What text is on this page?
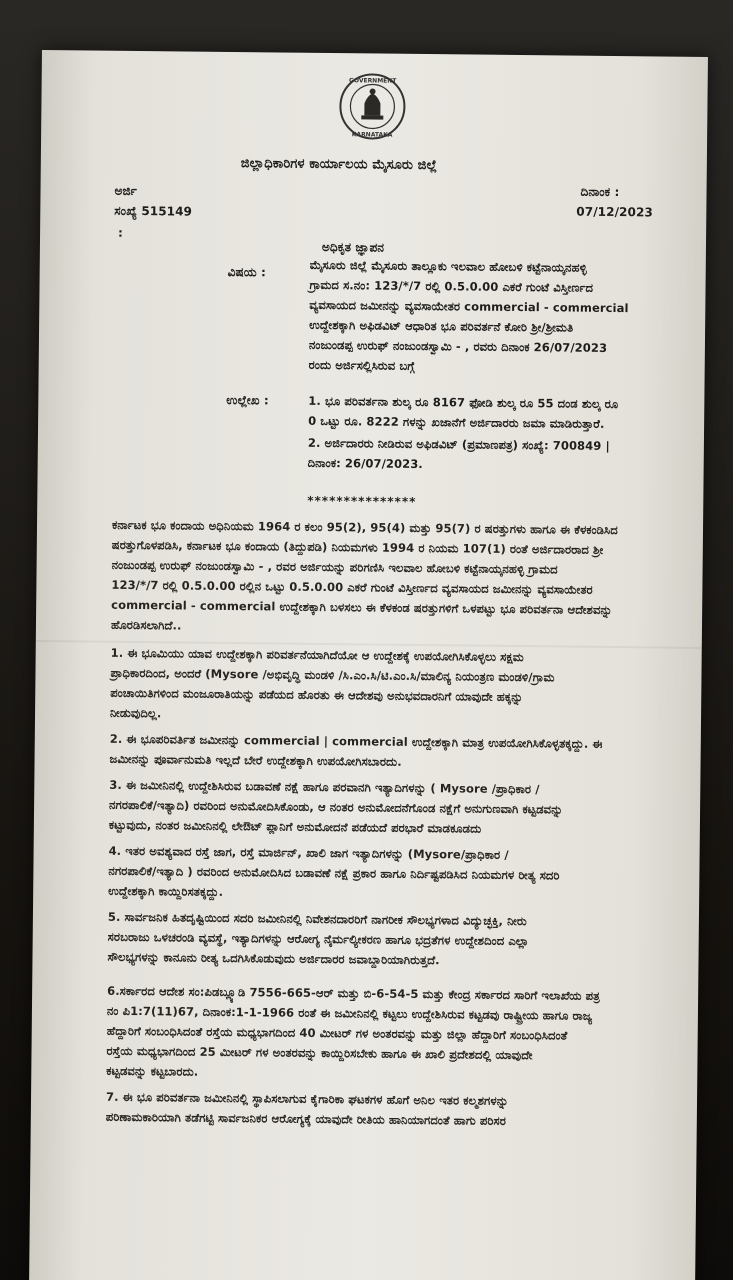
GOVERNMENT
KARNATAKA
ಜಿಲ್ಲಾಧಿಕಾರಿಗಳ ಕಾರ್ಯಾಲಯ ಮೈಸೂರು ಜಿಲ್ಲೆ
ಅರ್ಜಿ
ಸಂಖ್ಯೆ 515149
:
ದಿನಾಂಕ :
07/12/2023
ಅಧಿಕೃತ ಜ್ಞಾಪನ
ವಿಷಯ :	ಮೈಸೂರು ಜಿಲ್ಲೆ ಮೈಸೂರು ತಾಲ್ಲೂಕು ಇಲವಾಲ ಹೋಬಳಿ ಕಟ್ಟೆನಾಯ್ಕನಹಳ್ಳಿ
ಗ್ರಾಮದ ಸ.ನಂ: 123/*/7 ರಲ್ಲಿ 0.5.0.00 ಎಕರೆ ಗುಂಟೆ ವಿಸ್ತೀರ್ಣದ
ವ್ಯವಸಾಯದ ಜಮೀನನ್ನು ವ್ಯವಸಾಯೇತರ commercial - commercial
ಉದ್ದೇಶಕ್ಕಾಗಿ ಅಫಿಡವಿಟ್ ಆಧಾರಿತ ಭೂ ಪರಿವರ್ತನೆ ಕೋರಿ ಶ್ರೀ/ಶ್ರೀಮತಿ
ನಂಜುಂಡಪ್ಪ ಉರುಫ್ ನಂಜುಂಡಸ್ವಾಮಿ - , ರವರು ದಿನಾಂಕ 26/07/2023
ರಂದು ಅರ್ಜಿಸಲ್ಲಿಸಿರುವ ಬಗ್ಗೆ
ಉಲ್ಲೇಖ :	1. ಭೂ ಪರಿವರ್ತನಾ ಶುಲ್ಕ ರೂ 8167 ಫೋಡಿ ಶುಲ್ಕ ರೂ 55 ದಂಡ ಶುಲ್ಕ ರೂ
0 ಒಟ್ಟು ರೂ. 8222 ಗಳನ್ನು ಖಜಾನೆಗೆ ಅರ್ಜಿದಾರರು ಜಮಾ ಮಾಡಿರುತ್ತಾರೆ.
2. ಅರ್ಜಿದಾರರು ನೀಡಿರುವ ಅಫಿಡವಿಟ್ (ಪ್ರಮಾಣಪತ್ರ) ಸಂಖ್ಯೆ: 700849 |
ದಿನಾಂಕ: 26/07/2023.
***************
ಕರ್ನಾಟಕ ಭೂ ಕಂದಾಯ ಅಧಿನಿಯಮ 1964 ರ ಕಲಂ 95(2), 95(4) ಮತ್ತು 95(7) ರ ಷರತ್ತುಗಳು ಹಾಗೂ ಈ ಕೆಳಕಂಡಿಸಿದ
ಷರತ್ತುಗೊಳಪಡಿಸಿ, ಕರ್ನಾಟಕ ಭೂ ಕಂದಾಯ (ತಿದ್ದುಪಡಿ) ನಿಯಮಗಳು 1994 ರ ನಿಯಮ 107(1) ರಂತೆ ಅರ್ಜಿದಾರರಾದ ಶ್ರೀ
ನಂಜುಂಡಪ್ಪ ಉರುಫ್ ನಂಜುಂಡಸ್ವಾಮಿ - , ರವರ ಅರ್ಜಿಯನ್ನು ಪರಿಗಣಿಸಿ ಇಲವಾಲ ಹೋಬಳಿ ಕಟ್ಟೆನಾಯ್ಕನಹಳ್ಳಿ ಗ್ರಾಮದ
123/*/7 ರಲ್ಲಿ 0.5.0.00 ರಲ್ಲಿನ ಒಟ್ಟು 0.5.0.00 ಎಕರೆ ಗುಂಟೆ ವಿಸ್ತೀರ್ಣದ ವ್ಯವಸಾಯದ ಜಮೀನನ್ನು ವ್ಯವಸಾಯೇತರ
commercial - commercial ಉದ್ದೇಶಕ್ಕಾಗಿ ಬಳಸಲು ಈ ಕೆಳಕಂಡ ಷರತ್ತುಗಳಿಗೆ ಒಳಪಟ್ಟು ಭೂ ಪರಿವರ್ತನಾ ಆದೇಶವನ್ನು
ಹೊರಡಿಸಲಾಗಿದೆ..
1. ಈ ಭೂಮಿಯು ಯಾವ ಉದ್ದೇಶಕ್ಕಾಗಿ ಪರಿವರ್ತನೆಯಾಗಿದೆಯೋ ಆ ಉದ್ದೇಶಕ್ಕೆ ಉಪಯೋಗಿಸಿಕೊಳ್ಳಲು ಸಕ್ಷಮ
ಪ್ರಾಧಿಕಾರದಿಂದ, ಅಂದರೆ (Mysore /ಅಭಿವೃದ್ಧಿ ಮಂಡಳಿ /ಸಿ.ಎಂ.ಸಿ/ಟಿ.ಎಂ.ಸಿ/ಮಾಲಿನ್ಯ ನಿಯಂತ್ರಣ ಮಂಡಳಿ/ಗ್ರಾಮ
ಪಂಚಾಯಿತಿಗಳಿಂದ ಮಂಜೂರಾತಿಯನ್ನು ಪಡೆಯದ ಹೊರತು ಈ ಆದೇಶವು ಅನುಭವದಾರನಿಗೆ ಯಾವುದೇ ಹಕ್ಕನ್ನು
ನೀಡುವುದಿಲ್ಲ.
2. ಈ ಭೂಪರಿವರ್ತಿತ ಜಮೀನನ್ನು commercial | commercial ಉದ್ದೇಶಕ್ಕಾಗಿ ಮಾತ್ರ ಉಪಯೋಗಿಸಿಕೊಳ್ಳತಕ್ಕದ್ದು. ಈ
ಜಮೀನನ್ನು ಪೂರ್ವಾನುಮತಿ ಇಲ್ಲದೆ ಬೇರೆ ಉದ್ದೇಶಕ್ಕಾಗಿ ಉಪಯೋಗಿಸಬಾರದು.
3. ಈ ಜಮೀನಿನಲ್ಲಿ ಉದ್ದೇಶಿಸಿರುವ ಬಡಾವಣೆ ನಕ್ಷೆ ಹಾಗೂ ಪರವಾನಗಿ ಇತ್ಯಾದಿಗಳನ್ನು ( Mysore /ಪ್ರಾಧಿಕಾರ /
ನಗರಪಾಲಿಕೆ/ಇತ್ಯಾದಿ) ರವರಿಂದ ಅನುಮೋದಿಸಿಕೊಂಡು, ಆ ನಂತರ ಅನುಮೋದನೆಗೊಂಡ ನಕ್ಷೆಗೆ ಅನುಗುಣವಾಗಿ ಕಟ್ಟಡವನ್ನು
ಕಟ್ಟುವುದು, ನಂತರ ಜಮೀನಿನಲ್ಲಿ ಲೇಔಟ್ ಪ್ಲಾನಿಗೆ ಅನುಮೋದನೆ ಪಡೆಯದೆ ಪರಭಾರೆ ಮಾಡಕೂಡದು
4. ಇತರ ಅವಶ್ಯವಾದ ರಸ್ತೆ ಜಾಗ, ರಸ್ತೆ ಮಾರ್ಜಿನ್, ಖಾಲಿ ಜಾಗ ಇತ್ಯಾದಿಗಳನ್ನು (Mysore/ಪ್ರಾಧಿಕಾರ /
ನಗರಪಾಲಿಕೆ/ಇತ್ಯಾದಿ ) ರವರಿಂದ ಅನುಮೋದಿಸಿದ ಬಡಾವಣೆ ನಕ್ಷೆ ಪ್ರಕಾರ ಹಾಗೂ ನಿರ್ದಿಷ್ಟಪಡಿಸಿದ ನಿಯಮಗಳ ರೀತ್ಯ ಸದರಿ
ಉದ್ದೇಶಕ್ಕಾಗಿ ಕಾಯ್ದಿರಿಸತಕ್ಕದ್ದು.
5. ಸಾರ್ವಜನಿಕ ಹಿತದೃಷ್ಟಿಯಿಂದ ಸದರಿ ಜಮೀನಿನಲ್ಲಿ ನಿವೇಶನದಾರರಿಗೆ ನಾಗರೀಕ ಸೌಲಭ್ಯಗಳಾದ ವಿದ್ಯುಚ್ಛಕ್ತಿ, ನೀರು
ಸರಬರಾಜು ಒಳಚರಂಡಿ ವ್ಯವಸ್ಥೆ, ಇತ್ಯಾದಿಗಳನ್ನು ಆರೋಗ್ಯ ನೈರ್ಮಲ್ಯೀಕರಣ ಹಾಗೂ ಭದ್ರತೆಗಳ ಉದ್ದೇಶದಿಂದ ಎಲ್ಲಾ
ಸೌಲಭ್ಯಗಳನ್ನು ಕಾನೂನು ರೀತ್ಯ ಒದಗಿಸಿಕೊಡುವುದು ಅರ್ಜಿದಾರರ ಜವಾಬ್ದಾರಿಯಾಗಿರುತ್ತದೆ.
6.ಸರ್ಕಾರದ ಆದೇಶ ಸಂ:ಪಿಡಬ್ಲ್ಯೂಡಿ 7556-665-ಆರ್ ಮತ್ತು ಬಿ-6-54-5 ಮತ್ತು ಕೇಂದ್ರ ಸರ್ಕಾರದ ಸಾರಿಗೆ ಇಲಾಖೆಯ ಪತ್ರ
ನಂ ಪಿ1:7(11)67, ದಿನಾಂಕ:1-1-1966 ರಂತೆ ಈ ಜಮೀನಿನಲ್ಲಿ ಕಟ್ಟಲು ಉದ್ದೇಶಿಸಿರುವ ಕಟ್ಟಡವು ರಾಷ್ಟ್ರೀಯ ಹಾಗೂ ರಾಜ್ಯ
ಹೆದ್ದಾರಿಗೆ ಸಂಬಂಧಿಸಿದಂತೆ ರಸ್ತೆಯ ಮಧ್ಯಭಾಗದಿಂದ 40 ಮೀಟರ್ ಗಳ ಅಂತರವನ್ನು ಮತ್ತು ಜಿಲ್ಲಾ ಹೆದ್ದಾರಿಗೆ ಸಂಬಂಧಿಸಿದಂತೆ
ರಸ್ತೆಯ ಮಧ್ಯಭಾಗದಿಂದ 25 ಮೀಟರ್ ಗಳ ಅಂತರವನ್ನು ಕಾಯ್ದಿರಿಸಬೇಕು ಹಾಗೂ ಈ ಖಾಲಿ ಪ್ರದೇಶದಲ್ಲಿ ಯಾವುದೇ
ಕಟ್ಟಡವನ್ನು ಕಟ್ಟಬಾರದು.
7. ಈ ಭೂ ಪರಿವರ್ತನಾ ಜಮೀನಿನಲ್ಲಿ ಸ್ಥಾಪಿಸಲಾಗುವ ಕೈಗಾರಿಕಾ ಘಟಕಗಳ ಹೊಗೆ ಅನಿಲ ಇತರ ಕಲ್ಮಶಗಳನ್ನು
ಪರಿಣಾಮಕಾರಿಯಾಗಿ ತಡೆಗಟ್ಟಿ ಸಾರ್ವಜನಿಕರ ಆರೋಗ್ಯಕ್ಕೆ ಯಾವುದೇ ರೀತಿಯ ಹಾನಿಯಾಗದಂತೆ ಹಾಗು ಪರಿಸರ
